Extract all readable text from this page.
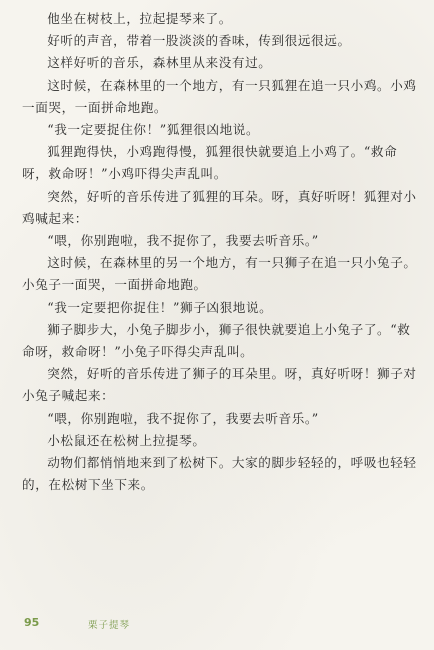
他坐在树枝上，拉起提琴来了。

好听的声音，带着一股淡淡的香味，传到很远很远。

这样好听的音乐，森林里从来没有过。

这时候，在森林里的一个地方，有一只狐狸在追一只小鸡。小鸡一面哭，一面拼命地跑。

“我一定要捉住你！”狐狸很凶地说。

狐狸跑得快，小鸡跑得慢，狐狸很快就要追上小鸡了。“救命呀，救命呀！”小鸡吓得尖声乱叫。

突然，好听的音乐传进了狐狸的耳朵。呀，真好听呀！狐狸对小鸡喊起来：

“喂，你别跑啦，我不捉你了，我要去听音乐。”

这时候，在森林里的另一个地方，有一只狮子在追一只小兔子。小兔子一面哭，一面拼命地跑。

“我一定要把你捉住！”狮子凶狠地说。

狮子脚步大，小兔子脚步小，狮子很快就要追上小兔子了。“救命呀，救命呀！”小兔子吓得尖声乱叫。

突然，好听的音乐传进了狮子的耳朵里。呀，真好听呀！狮子对小兔子喊起来：

“喂，你别跑啦，我不捉你了，我要去听音乐。”

小松鼠还在松树上拉提琴。

动物们都悄悄地来到了松树下。大家的脚步轻轻的，呼吸也轻轻的，在松树下坐下来。

95	栗子提琴
